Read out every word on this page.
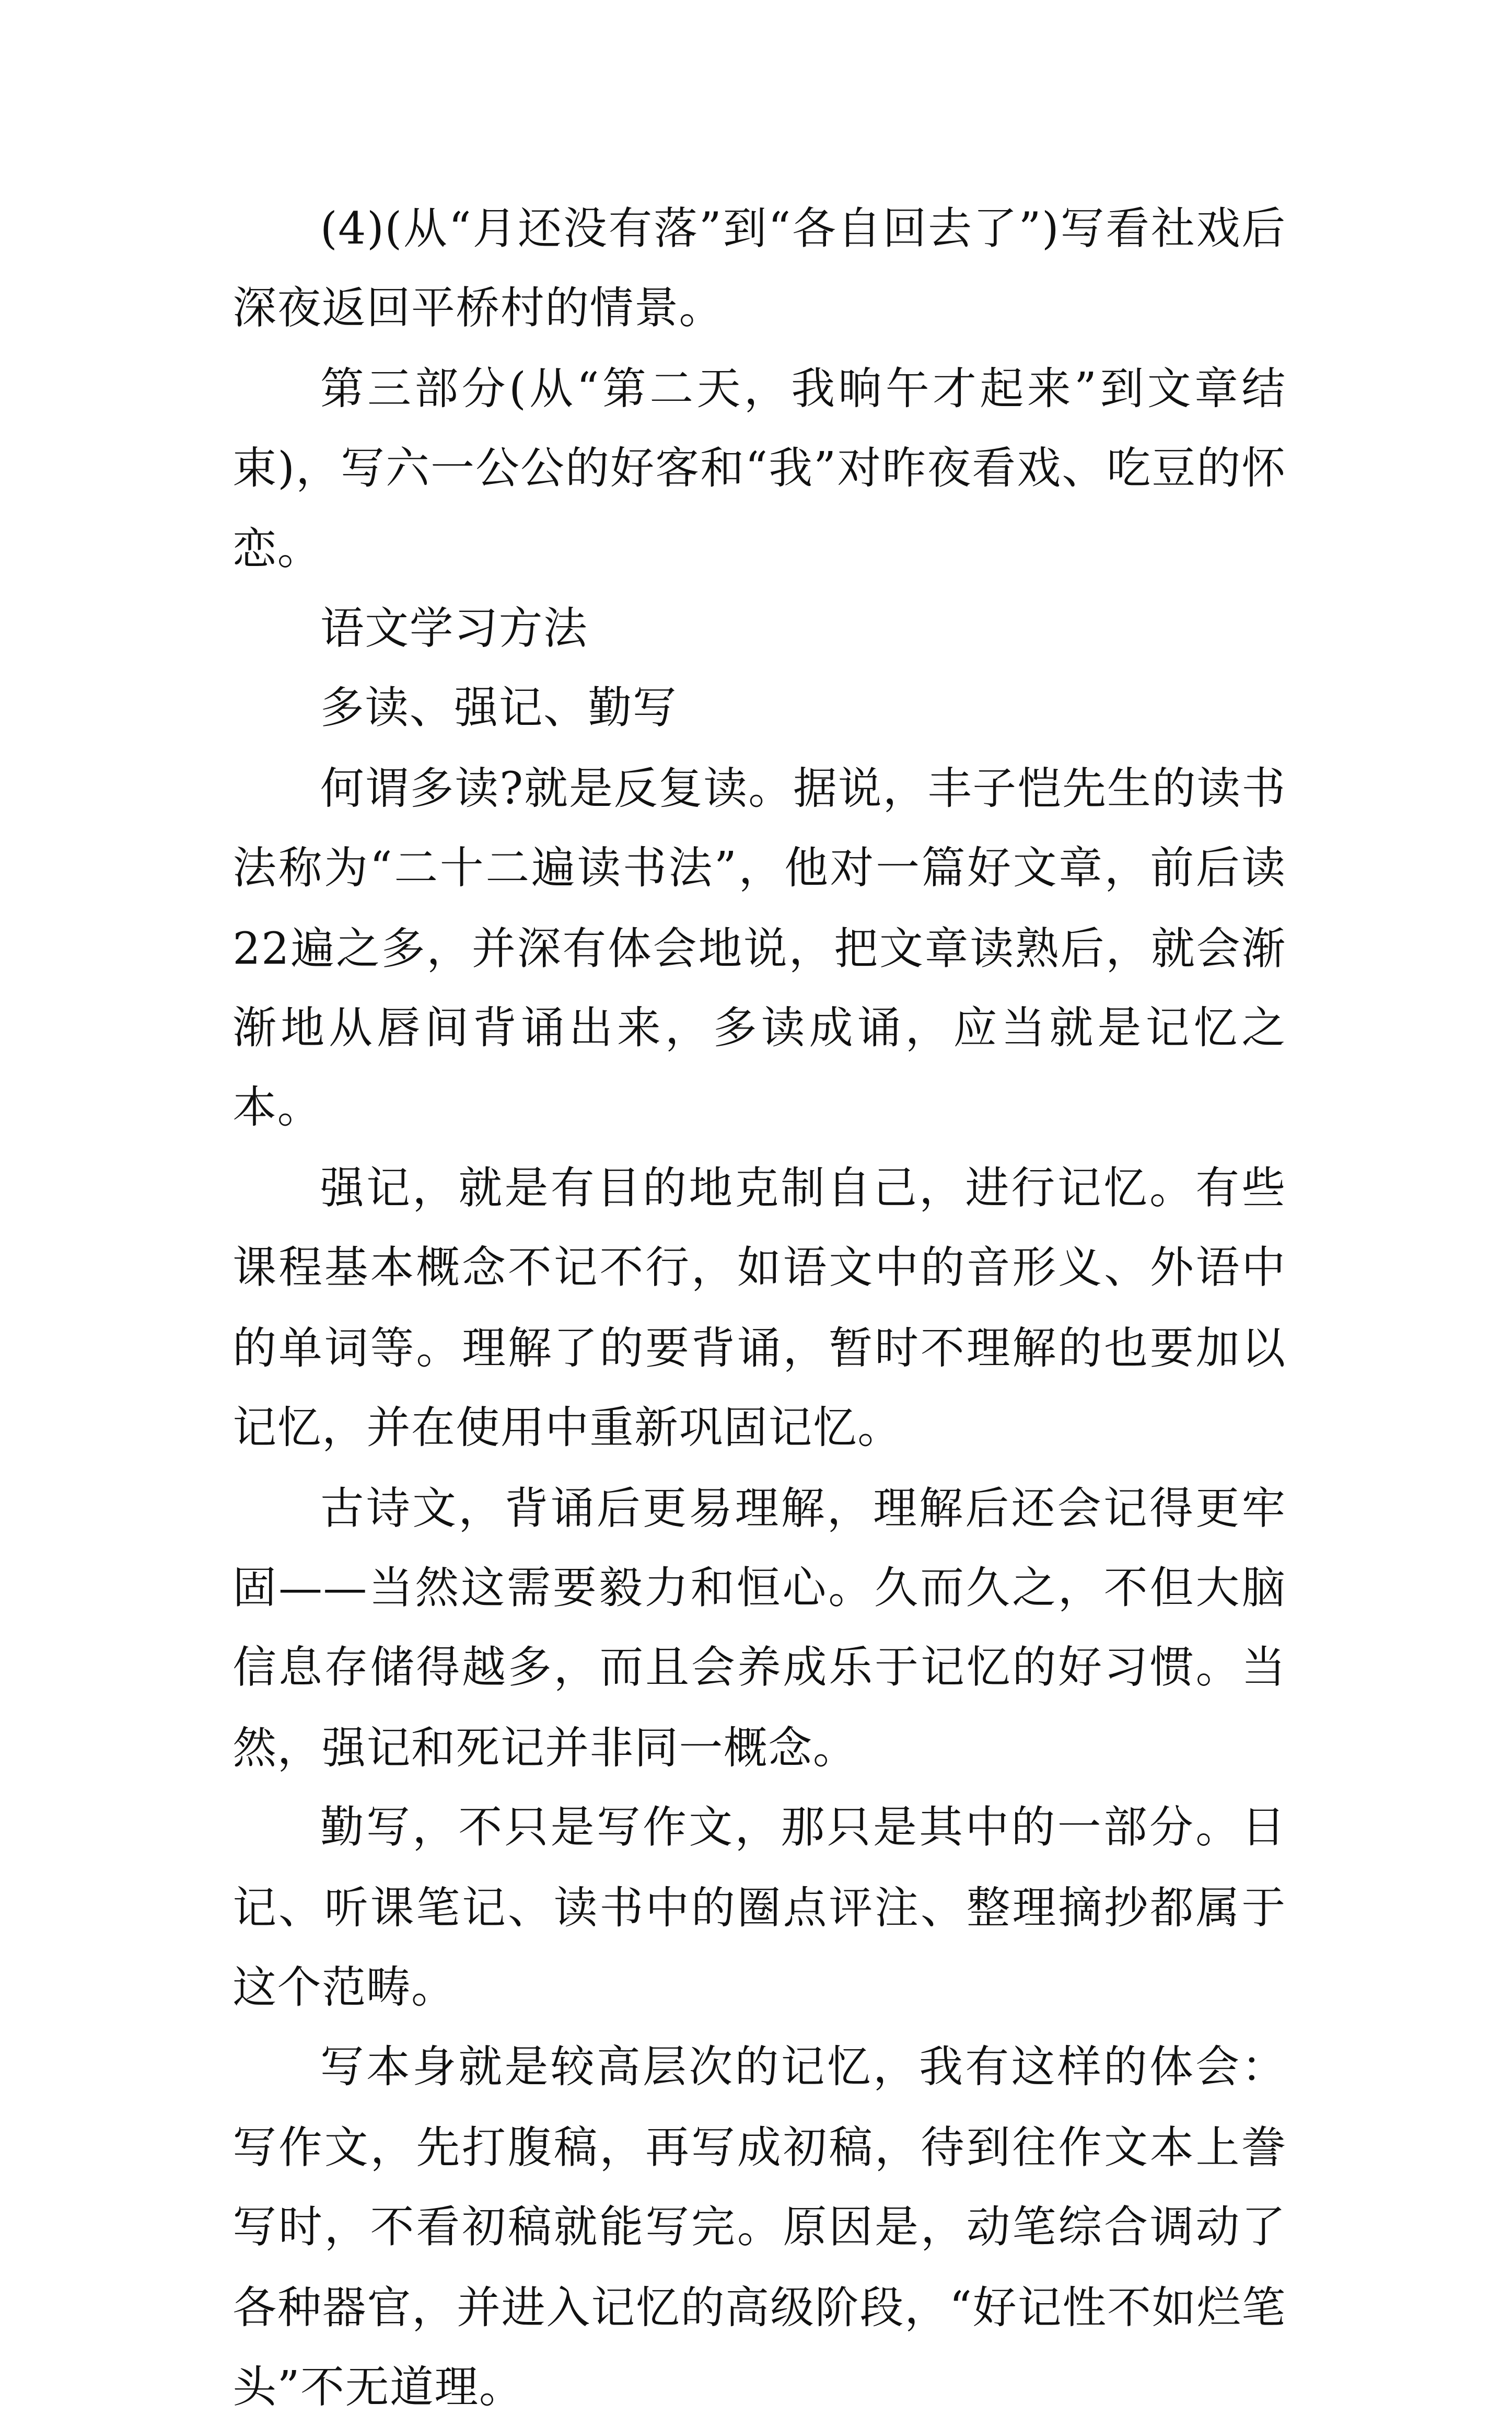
(4)(从“月还没有落”到“各自回去了”)写看社戏后深夜返回平桥村的情景。

第三部分(从“第二天，我晌午才起来”到文章结束)，写六一公公的好客和“我”对昨夜看戏、吃豆的怀恋。

语文学习方法

多读、强记、勤写

何谓多读?就是反复读。据说，丰子恺先生的读书法称为“二十二遍读书法”，他对一篇好文章，前后读22遍之多，并深有体会地说，把文章读熟后，就会渐渐地从唇间背诵出来，多读成诵，应当就是记忆之本。

强记，就是有目的地克制自己，进行记忆。有些课程基本概念不记不行，如语文中的音形义、外语中的单词等。理解了的要背诵，暂时不理解的也要加以记忆，并在使用中重新巩固记忆。

古诗文，背诵后更易理解，理解后还会记得更牢固——当然这需要毅力和恒心。久而久之，不但大脑信息存储得越多，而且会养成乐于记忆的好习惯。当然，强记和死记并非同一概念。

勤写，不只是写作文，那只是其中的一部分。日记、听课笔记、读书中的圈点评注、整理摘抄都属于这个范畴。

写本身就是较高层次的记忆，我有这样的体会：写作文，先打腹稿，再写成初稿，待到往作文本上誊写时，不看初稿就能写完。原因是，动笔综合调动了各种器官，并进入记忆的高级阶段，“好记性不如烂笔头”不无道理。
